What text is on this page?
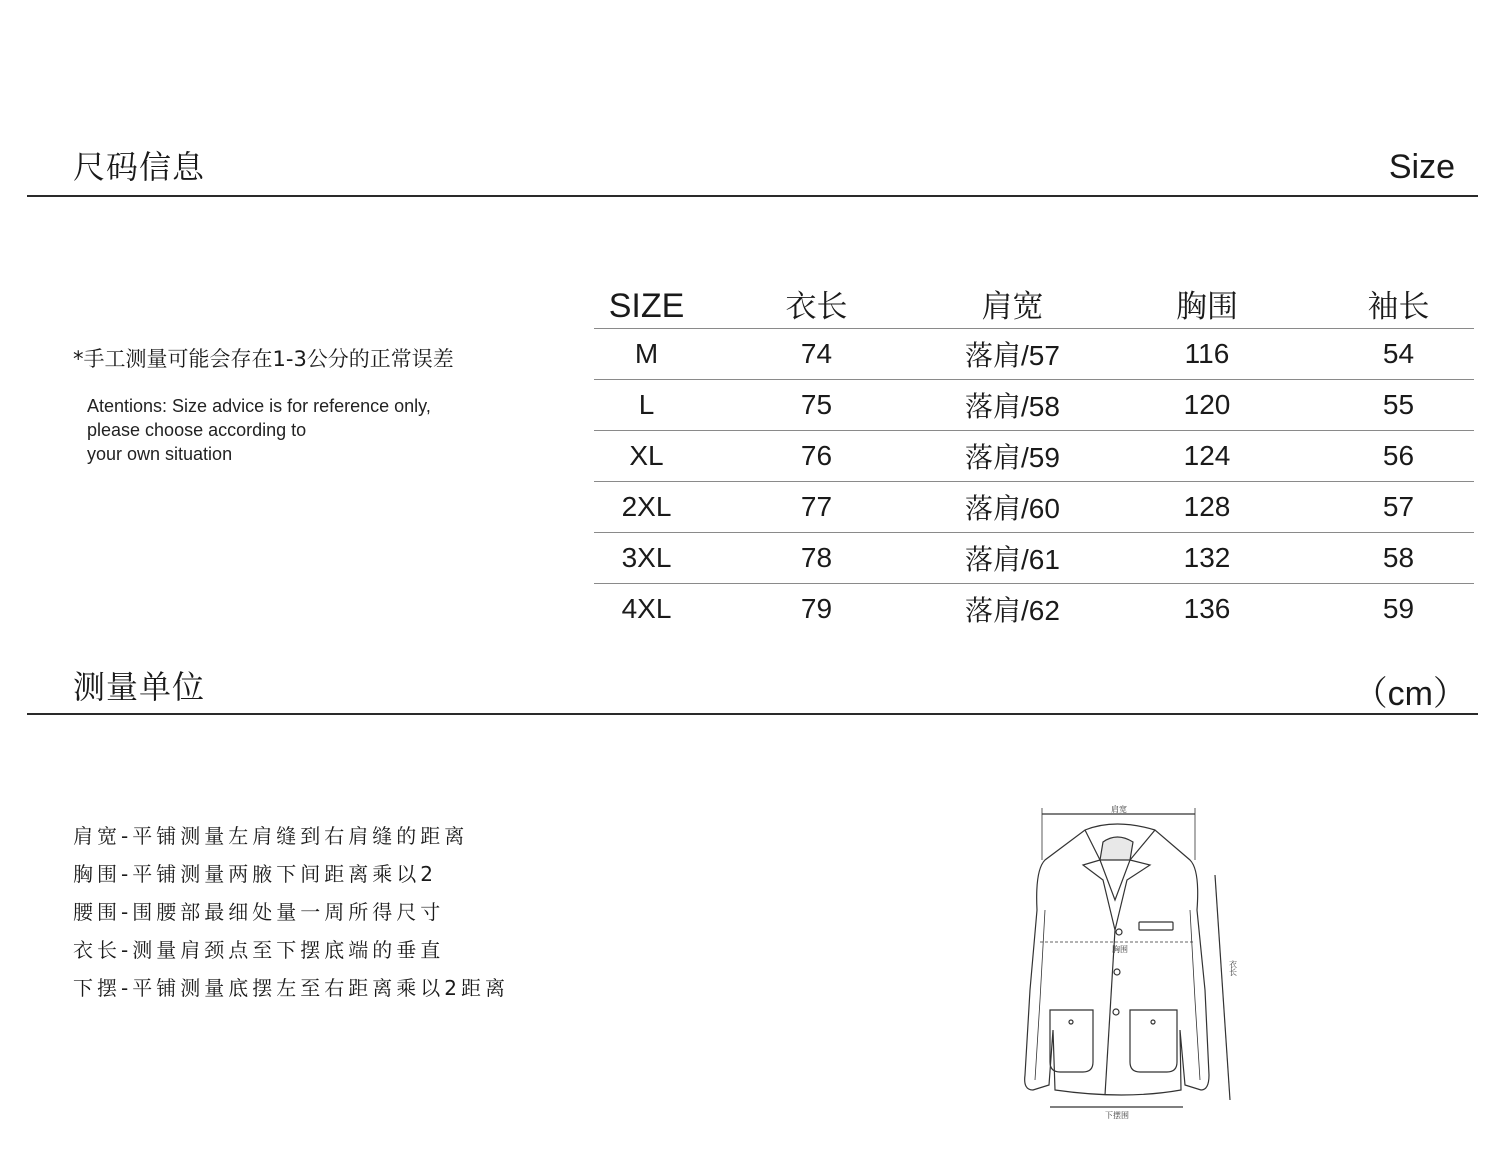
尺码信息	Size
*手工测量可能会存在1-3公分的正常误差
Atentions: Size advice is for reference only,
please choose according to
your own situation
SIZE	衣长	肩宽	胸围	袖长
M	74	落肩/57	116	54
L	75	落肩/58	120	55
XL	76	落肩/59	124	56
2XL	77	落肩/60	128	57
3XL	78	落肩/61	132	58
4XL	79	落肩/62	136	59
测量单位	（cm）
肩宽-平铺测量左肩缝到右肩缝的距离
胸围-平铺测量两腋下间距离乘以2
腰围-围腰部最细处量一周所得尺寸
衣长-测量肩颈点至下摆底端的垂直
下摆-平铺测量底摆左至右距离乘以2距离
肩宽
胸围
衣长
下摆围
